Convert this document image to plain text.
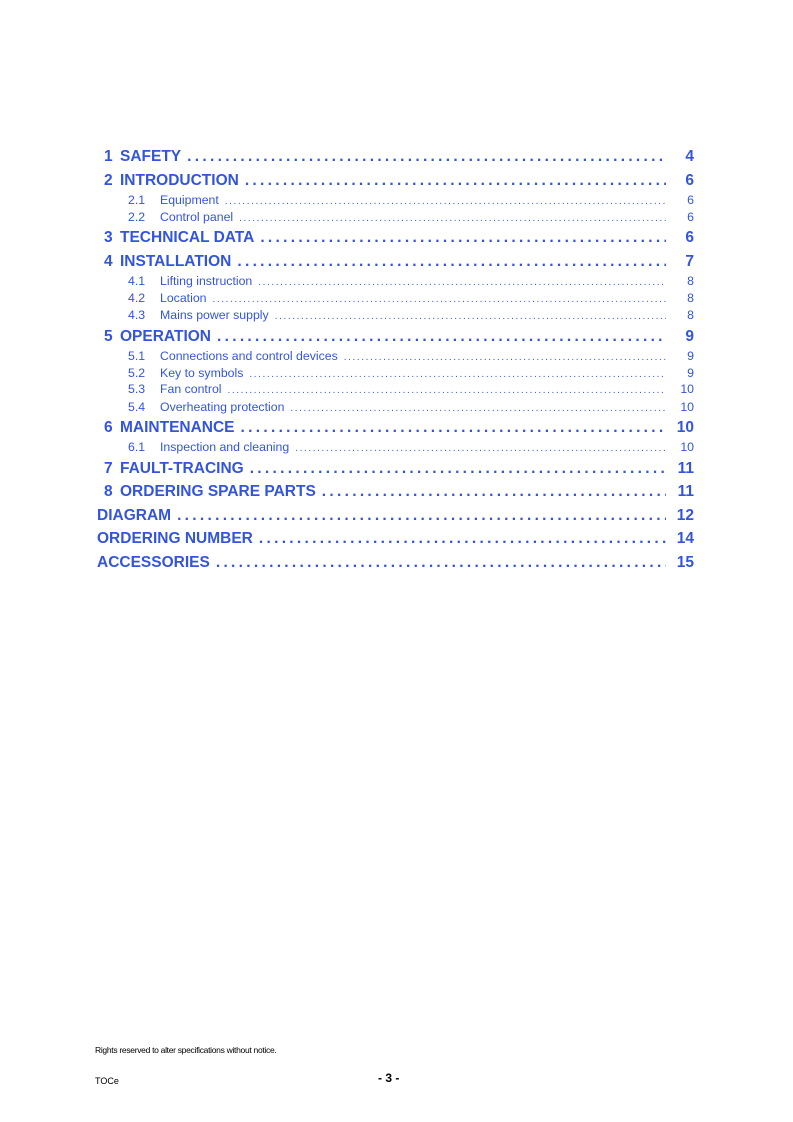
1 SAFETY .....	4
2 INTRODUCTION .....	6
2.1	Equipment .....	6
2.2	Control panel .....	6
3 TECHNICAL DATA .....	6
4 INSTALLATION .....	7
4.1	Lifting instruction .....	8
4.2	Location .....	8
4.3	Mains power supply .....	8
5 OPERATION .....	9
5.1	Connections and control devices .....	9
5.2	Key to symbols .....	9
5.3	Fan control .....	10
5.4	Overheating protection .....	10
6 MAINTENANCE .....	10
6.1	Inspection and cleaning .....	10
7 FAULT-TRACING .....	11
8 ORDERING SPARE PARTS .....	11
DIAGRAM .....	12
ORDERING NUMBER .....	14
ACCESSORIES .....	15
Rights reserved to alter specifications without notice.
TOCe	- 3 -
